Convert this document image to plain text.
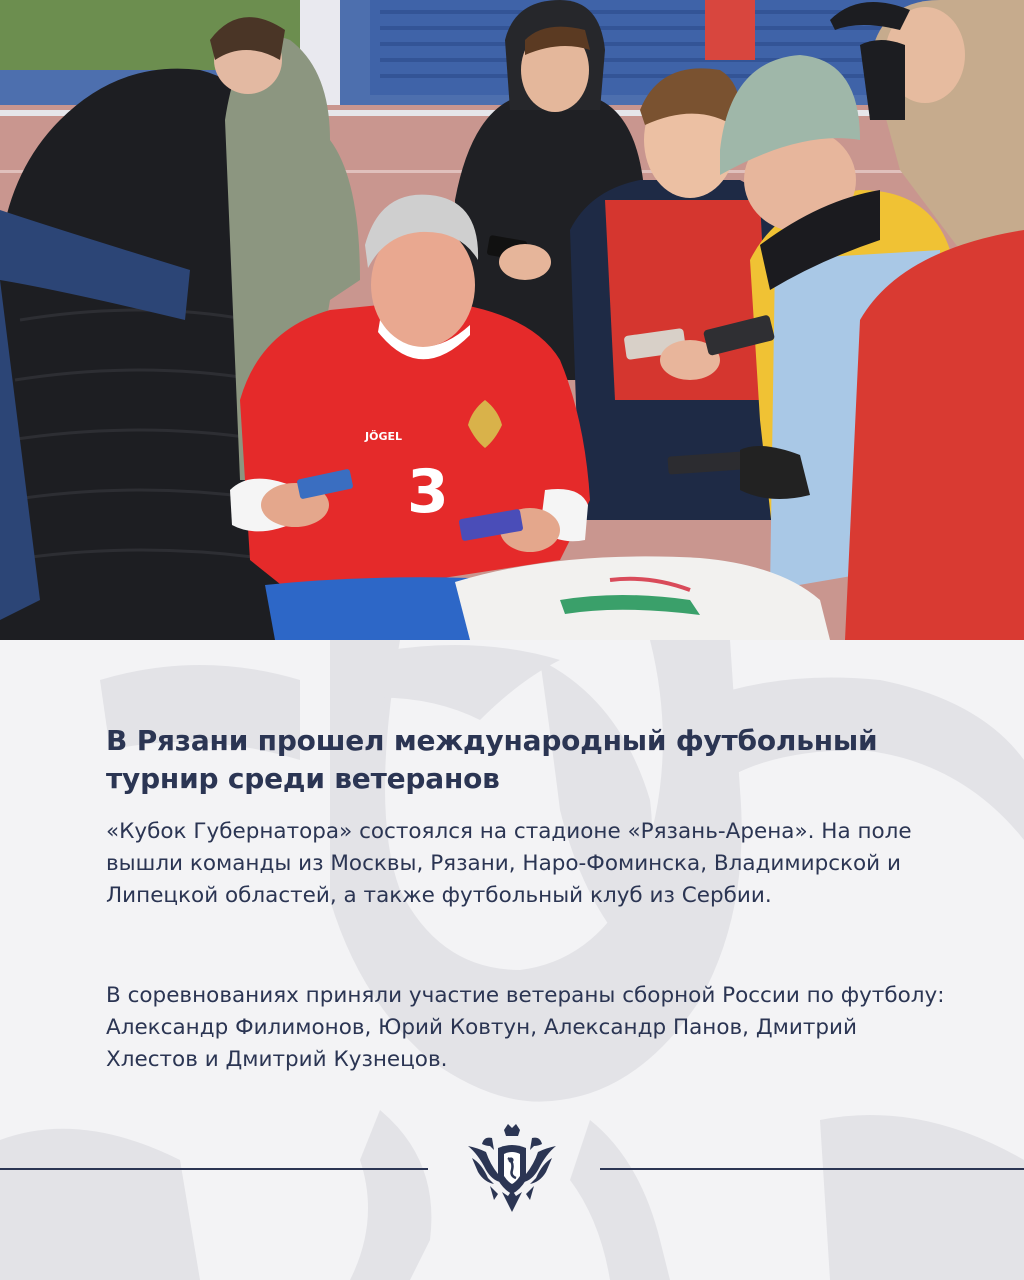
JÖGEL
3
В Рязани прошел международный футбольный турнир среди ветеранов

«Кубок Губернатора» состоялся на стадионе «Рязань-Арена». На поле вышли команды из Москвы, Рязани, Наро-Фоминска, Владимирской и Липецкой областей, а также футбольный клуб из Сербии.

В соревнованиях приняли участие ветераны сборной России по футболу: Александр Филимонов, Юрий Ковтун, Александр Панов, Дмитрий Хлестов и Дмитрий Кузнецов.
